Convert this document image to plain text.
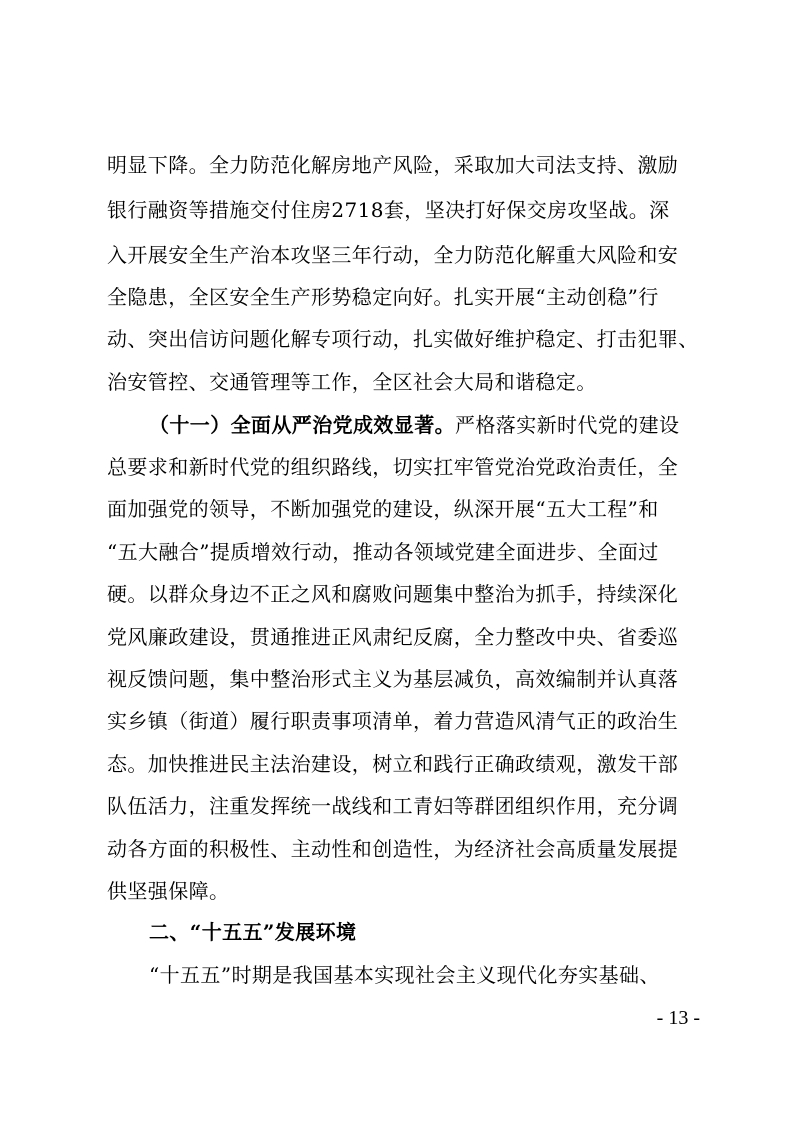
明显下降。全力防范化解房地产风险，采取加大司法支持、激励
银行融资等措施交付住房2718套，坚决打好保交房攻坚战。深
入开展安全生产治本攻坚三年行动，全力防范化解重大风险和安
全隐患，全区安全生产形势稳定向好。扎实开展“主动创稳”行
动、突出信访问题化解专项行动，扎实做好维护稳定、打击犯罪、
治安管控、交通管理等工作，全区社会大局和谐稳定。
（十一）全面从严治党成效显著。严格落实新时代党的建设
总要求和新时代党的组织路线，切实扛牢管党治党政治责任，全
面加强党的领导，不断加强党的建设，纵深开展“五大工程”和
“五大融合”提质增效行动，推动各领域党建全面进步、全面过
硬。以群众身边不正之风和腐败问题集中整治为抓手，持续深化
党风廉政建设，贯通推进正风肃纪反腐，全力整改中央、省委巡
视反馈问题，集中整治形式主义为基层减负，高效编制并认真落
实乡镇（街道）履行职责事项清单，着力营造风清气正的政治生
态。加快推进民主法治建设，树立和践行正确政绩观，激发干部
队伍活力，注重发挥统一战线和工青妇等群团组织作用，充分调
动各方面的积极性、主动性和创造性，为经济社会高质量发展提
供坚强保障。
二、“十五五”发展环境
“十五五”时期是我国基本实现社会主义现代化夯实基础、
- 13 -
